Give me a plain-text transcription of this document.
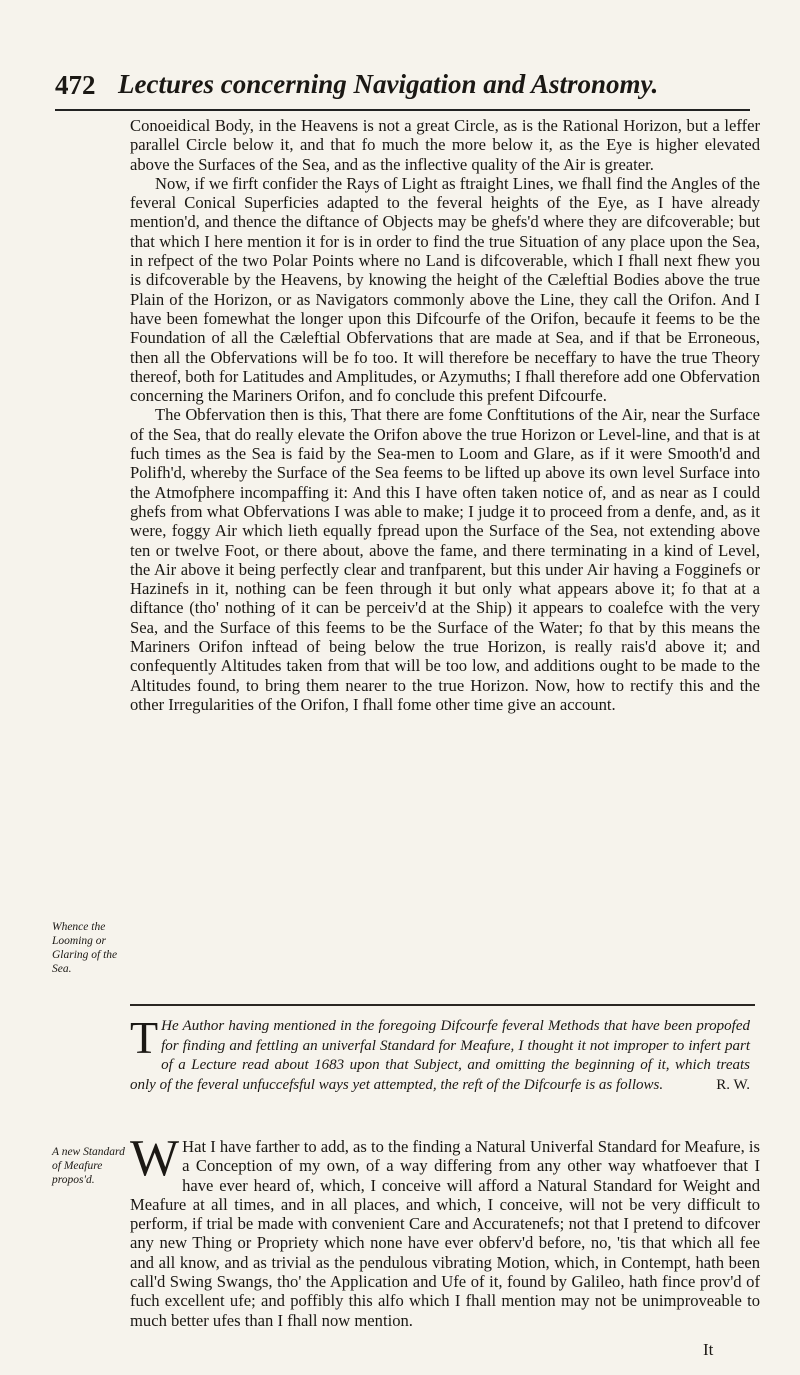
472 Lectures concerning Navigation and Astronomy.

Conoeidical Body, in the Heavens is not a great Circle, as is the Rational Horizon, but a leffer parallel Circle below it, and that fo much the more below it, as the Eye is higher elevated above the Surfaces of the Sea, and as the inflective quality of the Air is greater.

Now, if we firft confider the Rays of Light as ftraight Lines, we fhall find the Angles of the feveral Conical Superficies adapted to the feveral heights of the Eye, as I have already mention'd, and thence the diftance of Objects may be ghefs'd where they are difcoverable; but that which I here mention it for is in order to find the true Situation of any place upon the Sea, in refpect of the two Polar Points where no Land is difcoverable, which I fhall next fhew you is difcoverable by the Heavens, by knowing the height of the Cæleftial Bodies above the true Plain of the Horizon, or as Navigators commonly above the Line, they call the Orifon. And I have been fomewhat the longer upon this Difcourfe of the Orifon, becaufe it feems to be the Foundation of all the Cæleftial Obfervations that are made at Sea, and if that be Erroneous, then all the Obfervations will be fo too. It will therefore be neceffary to have the true Theory thereof, both for Latitudes and Amplitudes, or Azymuths; I fhall therefore add one Obfervation concerning the Mariners Orifon, and fo conclude this prefent Difcourfe.

The Obfervation then is this, That there are fome Conftitutions of the Air, near the Surface of the Sea, that do really elevate the Orifon above the true Horizon or Level-line, and that is at fuch times as the Sea is faid by the Sea-men to Loom and Glare, as if it were Smooth'd and Polifh'd, whereby the Surface of the Sea feems to be lifted up above its own level Surface into the Atmofphere incompaffing it: And this I have often taken notice of, and as near as I could ghefs from what Obfervations I was able to make; I judge it to proceed from a denfe, and, as it were, foggy Air which lieth equally fpread upon the Surface of the Sea, not extending above ten or twelve Foot, or there about, above the fame, and there terminating in a kind of Level, the Air above it being perfectly clear and tranfparent, but this under Air having a Fogginefs or Hazinefs in it, nothing can be feen through it but only what appears above it; fo that at a diftance (tho' nothing of it can be perceiv'd at the Ship) it appears to coalefce with the very Sea, and the Surface of this feems to be the Surface of the Water; fo that by this means the Mariners Orifon inftead of being below the true Horizon, is really rais'd above it; and confequently Altitudes taken from that will be too low, and additions ought to be made to the Altitudes found, to bring them nearer to the true Horizon. Now, how to rectify this and the other Irregularities of the Orifon, I fhall fome other time give an account.

Whence the Looming or Glaring of the Sea.
T He Author having mentioned in the foregoing Difcourfe feveral Methods that have been propofed for finding and fettling an univerfal Standard for Meafure, I thought it not improper to infert part of a Lecture read about 1683 upon that Subject, and omitting the beginning of it, which treats only of the feveral unfuccefsful ways yet attempted, the reft of the Difcourfe is as follows.	R. W.
A new Standard of Meafure propos'd. W Hat I have farther to add, as to the finding a Natural Univerfal Standard for Meafure, is a Conception of my own, of a way differing from any other way whatfoever that I have ever heard of, which, I conceive will afford a Natural Standard for Weight and Meafure at all times, and in all places, and which, I conceive, will not be very difficult to perform, if trial be made with convenient Care and Accuratenefs; not that I pretend to difcover any new Thing or Propriety which none have ever obferv'd before, no, 'tis that which all fee and all know, and as trivial as the pendulous vibrating Motion, which, in Contempt, hath been call'd Swing Swangs, tho' the Application and Ufe of it, found by Galileo, hath fince prov'd of fuch excellent ufe; and poffibly this alfo which I fhall mention may not be unimproveable to much better ufes than I fhall now mention.
It
